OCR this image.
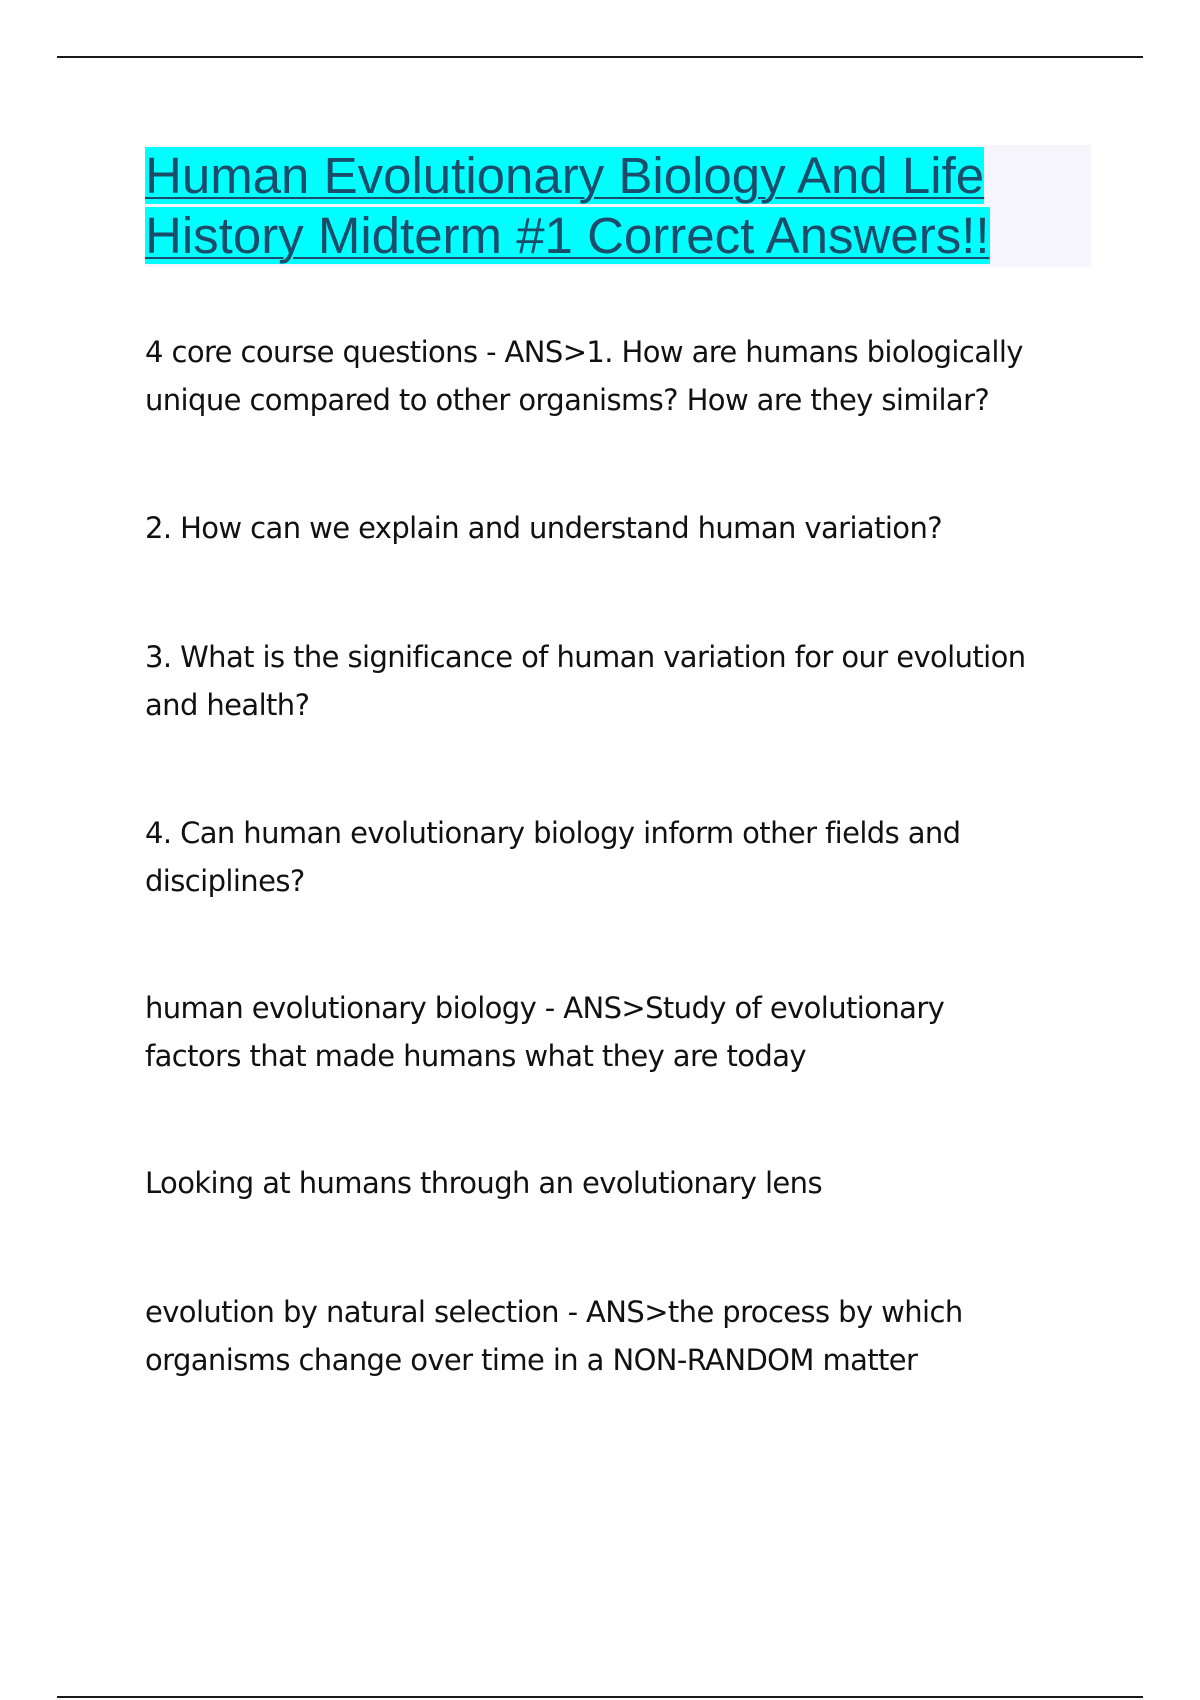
Human Evolutionary Biology And Life
History Midterm #1 Correct Answers!!

4 core course questions - ANS>1. How are humans biologically
unique compared to other organisms? How are they similar?

2. How can we explain and understand human variation?

3. What is the significance of human variation for our evolution
and health?

4. Can human evolutionary biology inform other fields and
disciplines?

human evolutionary biology - ANS>Study of evolutionary
factors that made humans what they are today

Looking at humans through an evolutionary lens

evolution by natural selection - ANS>the process by which
organisms change over time in a NON-RANDOM matter
